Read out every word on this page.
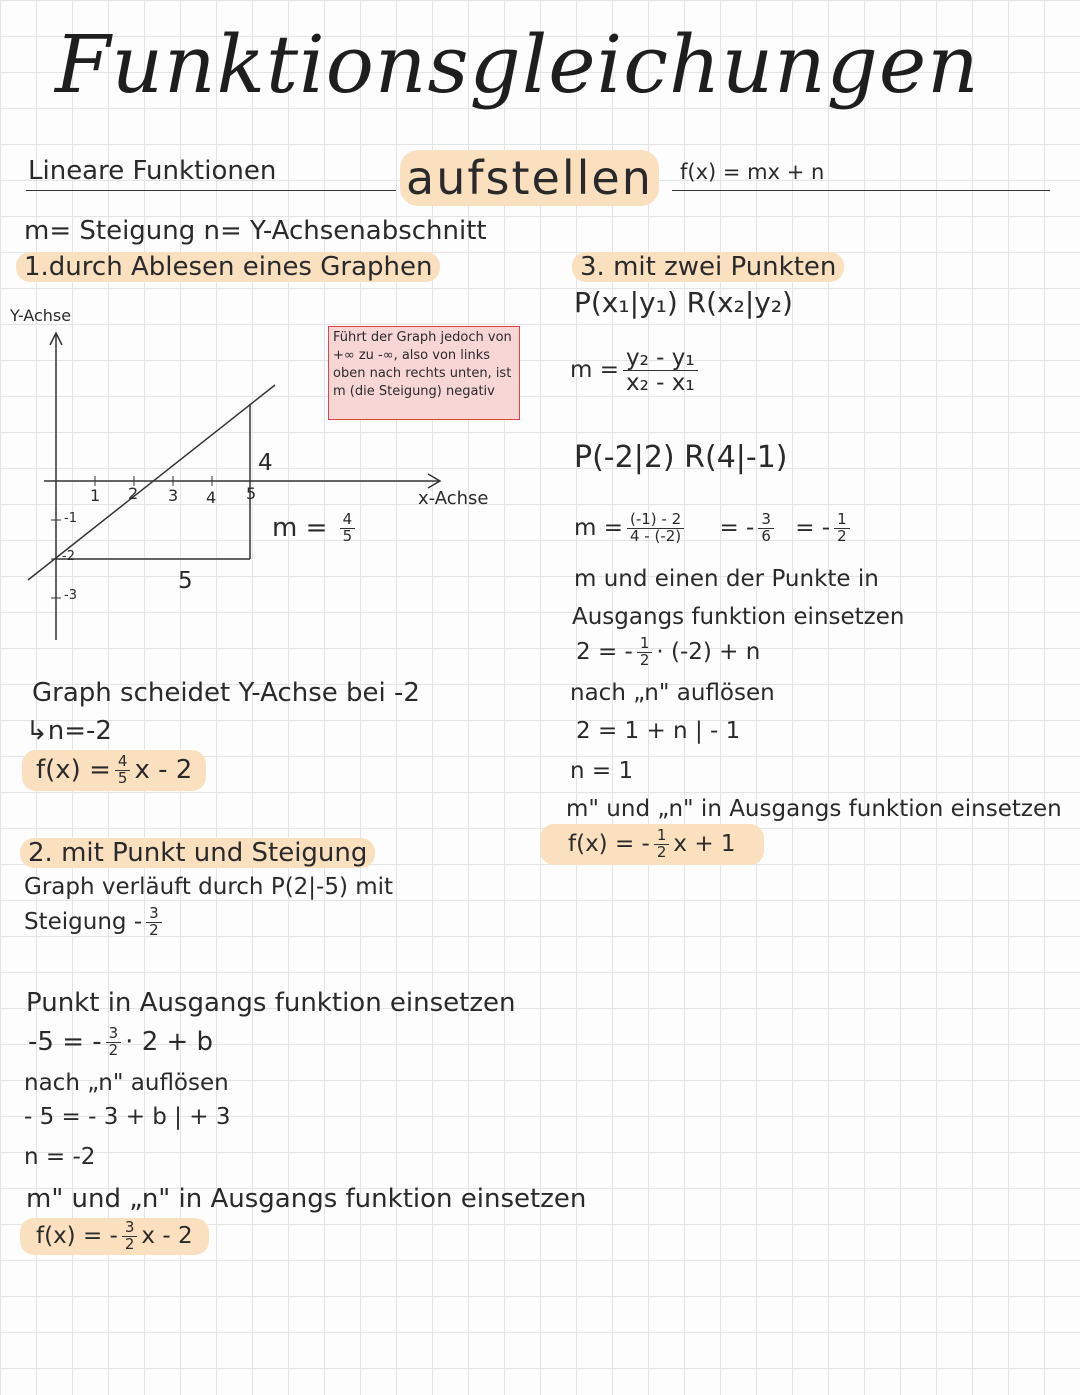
Funktionsgleichungen
Lineare Funktionen	aufstellen f(x) = mx + n
m= Steigung n= Y-Achsenabschnitt
1.durch Ablesen eines Graphen
Y-Achse
x-Achse
1 2 3 4 5
-1
-2
-3
4
5
$m = \frac{4}{5}$
Führt der Graph jedoch von +∞ zu -∞, also von links oben nach rechts unten, ist m (die Steigung) negativ
Graph scheidet Y-Achse bei -2
↳n=-2
$f(x) = \frac{4}{5}$ x - 2
2. mit Punkt und Steigung
Graph verläuft durch P(2|-5) mit
Steigung - $\frac{3}{2}$
Punkt in Ausgangs funktion einsetzen
-5 = - $\frac{3}{2} \cdot 2 + b$
nach „n" auflösen
- 5 = - 3 + b | + 3
n = -2
m" und „n" in Ausgangs funktion einsetzen
f(x) = - $\frac{3}{2}$ x - 2
3. mit zwei Punkten
P(x₁|y₁) R(x₂|y₂)
$m = \frac{\text{y₂ - y₁}}{\text{x₂ - x₁}}$
P(-2|2) R(4|-1)
$m = \frac{(-1) - 2}{4 - (-2)}$ = - $\frac{3}{6}$ = - $\frac{1}{2}$
m und einen der Punkte in
Ausgangs funktion einsetzen
2 = - $\frac{1}{2} \cdot (-2) + n$
nach „n" auflösen
2 = 1 + n | - 1
n = 1
m" und „n" in Ausgangs funktion einsetzen
f(x) = - $\frac{1}{2}$ x + 1
